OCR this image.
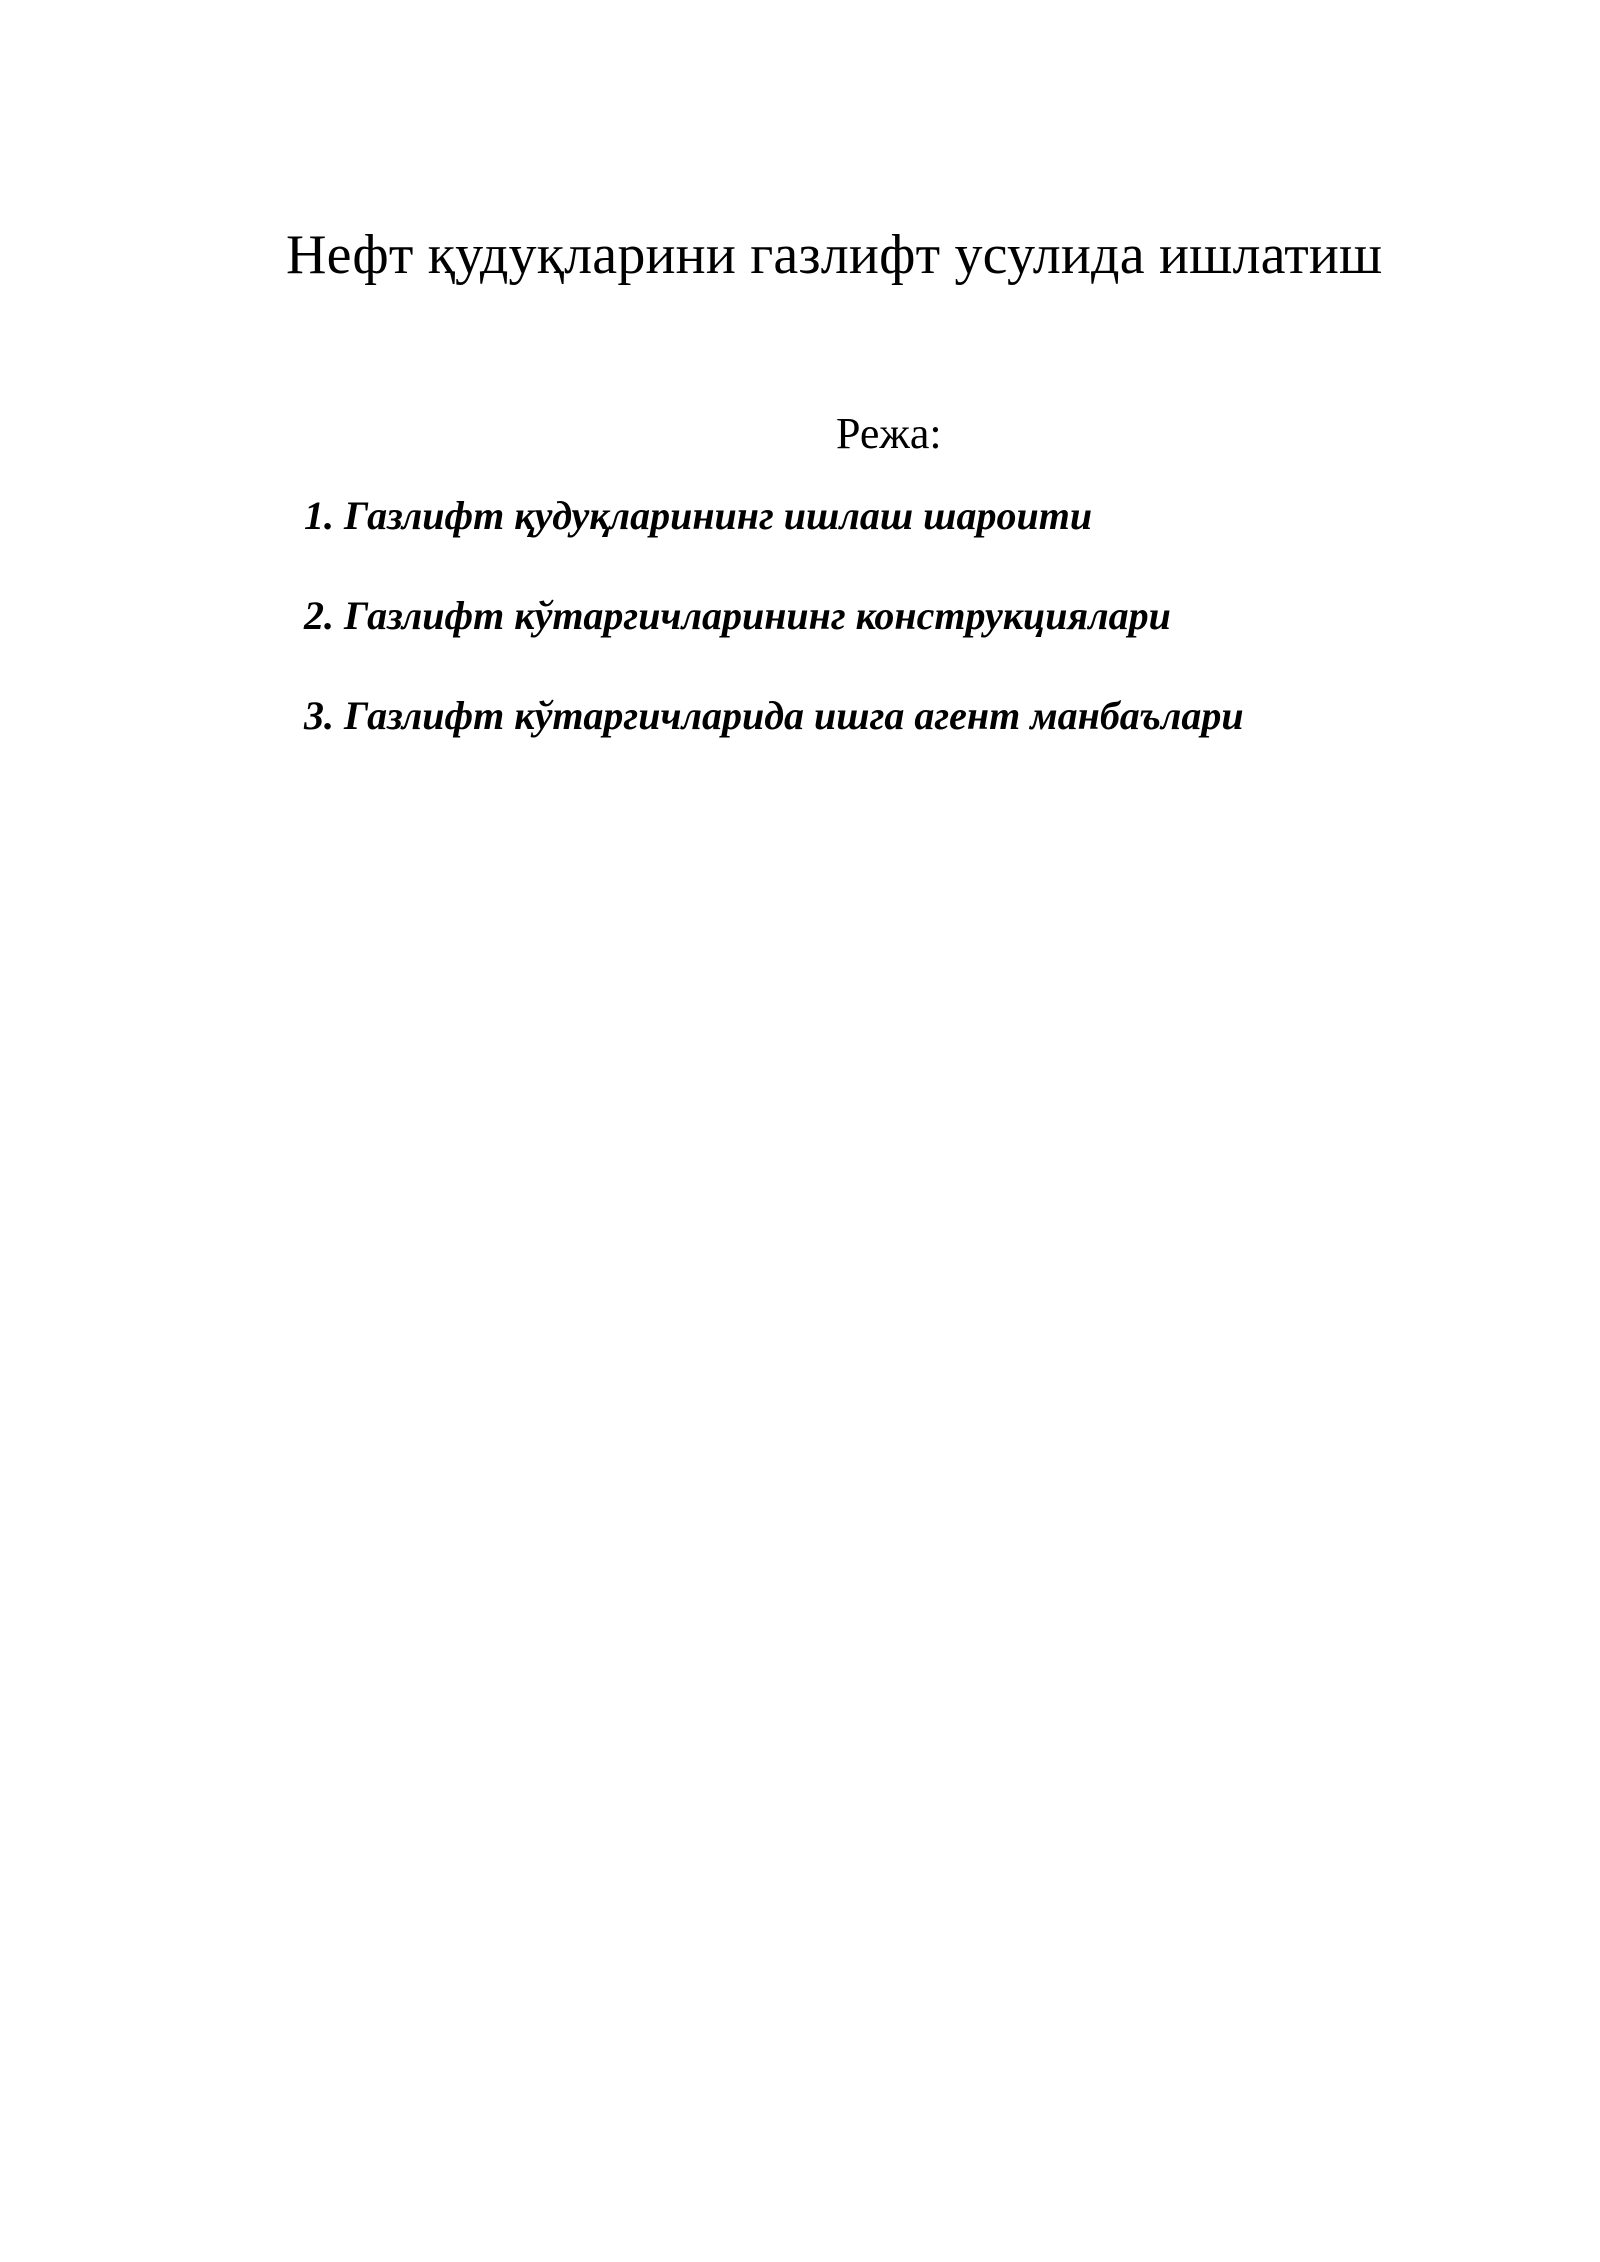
Нефт қудуқларини газлифт усулида ишлатиш
Режа:
1. Газлифт қудуқларининг ишлаш шароити
2. Газлифт кўтаргичларининг конструкциялари
3. Газлифт кўтаргичларида ишга агент манбаълари
